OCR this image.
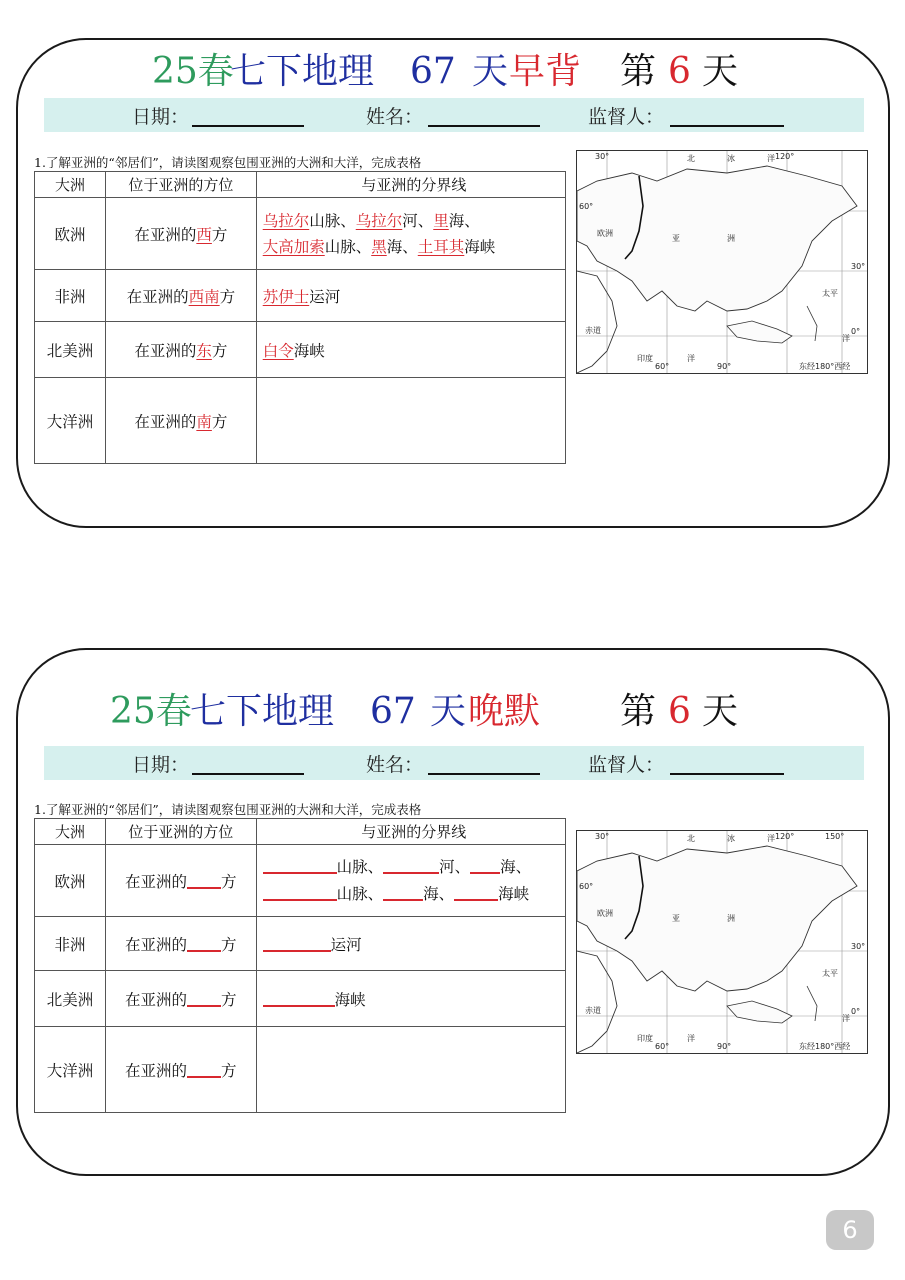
25春
七下地理 67 天 早背 第 6 天
日期：	姓名：	监督人：
1.了解亚洲的“邻居们”，请读图观察包围亚洲的大洲和大洋，完成表格
大洲	位于亚洲的方位	与亚洲的分界线
欧洲	在亚洲的西方	乌拉尔山脉、乌拉尔河、里海、
大高加索山脉、黑海、土耳其海峡

非洲	在亚洲的西南方	苏伊士运河
北美洲	在亚洲的东方	白令海峡
大洋洲	在亚洲的南方	
欧洲
亚	洲
北	冰	洋
太平
洋
印度	洋
赤道
东经180°西经
60°
30°
0°
30°
60°	90°
120°
25春
七下地理 67 天 晚默 第 6 天
日期：	姓名：	监督人：
1.了解亚洲的“邻居们”，请读图观察包围亚洲的大洲和大洋，完成表格
大洲	位于亚洲的方位	与亚洲的分界线
欧洲	在亚洲的 方	山脉、 河、 海、
山脉、 海、 海峡

非洲	在亚洲的 方	运河
北美洲	在亚洲的 方	海峡
大洋洲	在亚洲的 方	
欧洲
亚	洲
北	冰	洋
太平
洋
印度	洋
赤道
东经180°西经
60°
30°
0°
30°
60°	90°
120°	150°
6
